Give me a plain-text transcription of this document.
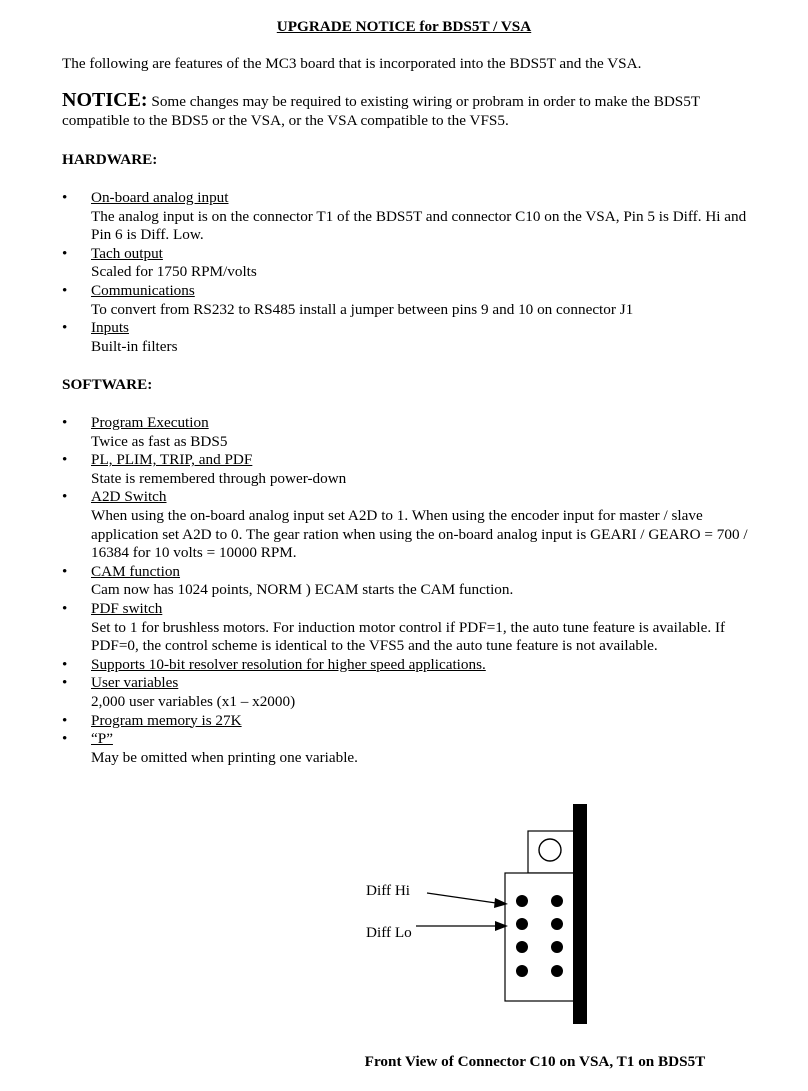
UPGRADE NOTICE for BDS5T / VSA
The following are features of the MC3 board that is incorporated into the BDS5T and the VSA.
NOTICE: Some changes may be required to existing wiring or probram in order to make the BDS5T compatible to the BDS5 or the VSA, or the VSA compatible to the VFS5.
HARDWARE:
• On-board analog input
The analog input is on the connector T1 of the BDS5T and connector C10 on the VSA, Pin 5 is Diff. Hi and Pin 6 is Diff. Low.
• Tach output
Scaled for 1750 RPM/volts
• Communications
To convert from RS232 to RS485 install a jumper between pins 9 and 10 on connector J1
• Inputs
Built-in filters
SOFTWARE:
• Program Execution
Twice as fast as BDS5
• PL, PLIM, TRIP, and PDF
State is remembered through power-down
• A2D Switch
When using the on-board analog input set A2D to 1. When using the encoder input for master / slave application set A2D to 0. The gear ration when using the on-board analog input is GEARI / GEARO = 700 / 16384 for 10 volts = 10000 RPM.
• CAM function
Cam now has 1024 points, NORM ) ECAM starts the CAM function.
• PDF switch
Set to 1 for brushless motors. For induction motor control if PDF=1, the auto tune feature is available. If PDF=0, the control scheme is identical to the VFS5 and the auto tune feature is not available.
• Supports 10-bit resolver resolution for higher speed applications.
• User variables
2,000 user variables (x1 – x2000)
• Program memory is 27K
• “P”
May be omitted when printing one variable.
Diff Hi
Diff Lo
Front View of Connector C10 on VSA, T1 on BDS5T
